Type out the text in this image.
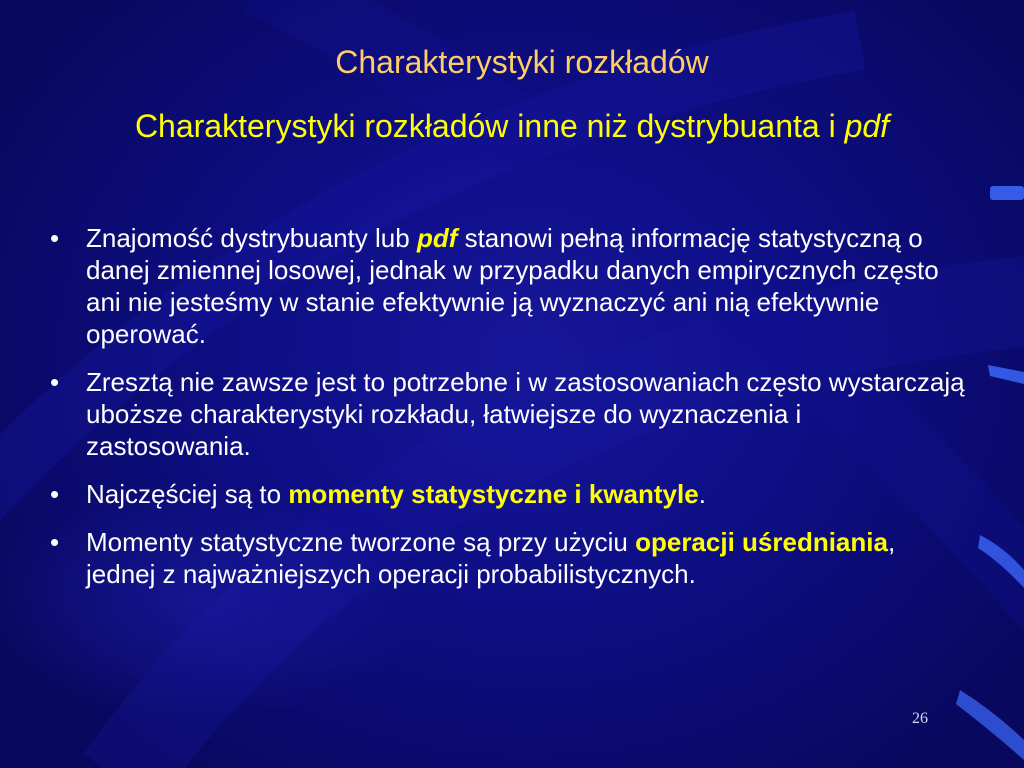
Charakterystyki rozkładów
Charakterystyki rozkładów inne niż dystrybuanta i pdf
• Znajomość dystrybuanty lub pdf stanowi pełną informację statystyczną o danej zmiennej losowej, jednak w przypadku danych empirycznych często ani nie jesteśmy w stanie efektywnie ją wyznaczyć ani nią efektywnie operować.
• Zresztą nie zawsze jest to potrzebne i w zastosowaniach często wystarczają uboższe charakterystyki rozkładu, łatwiejsze do wyznaczenia i zastosowania.
• Najczęściej są to momenty statystyczne i kwantyle.
• Momenty statystyczne tworzone są przy użyciu operacji uśredniania, jednej z najważniejszych operacji probabilistycznych.
26
